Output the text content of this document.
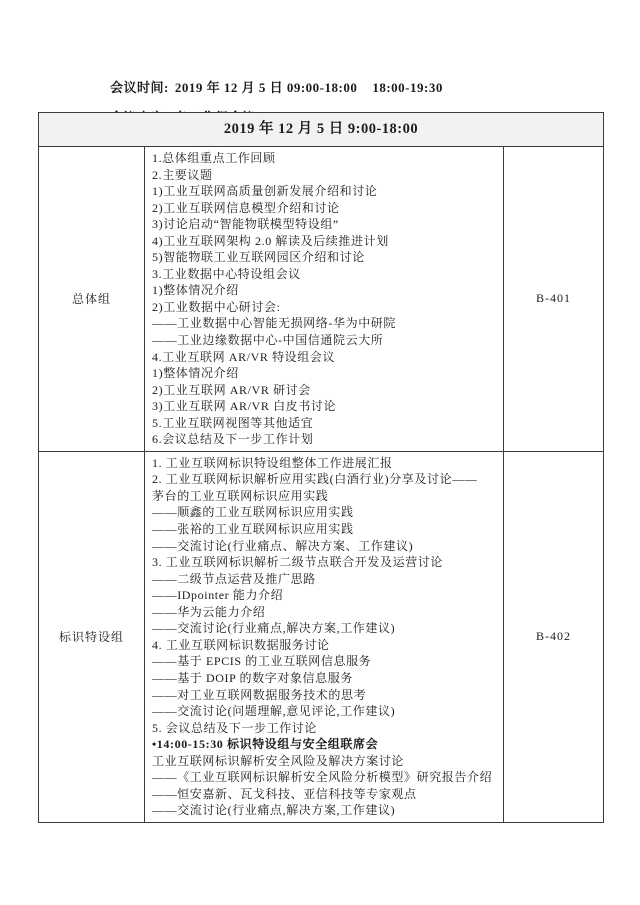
会议时间: 2019 年 12 月 5 日 09:00-18:00    18:00-19:30

2019 年 12 月 5 日 9:00-18:00
总体组
1.总体组重点工作回顾
2.主要议题
1)工业互联网高质量创新发展介绍和讨论
2)工业互联网信息模型介绍和讨论
3)讨论启动“智能物联模型特设组”
4)工业互联网架构 2.0 解读及后续推进计划
5)智能物联工业互联网园区介绍和讨论
3.工业数据中心特设组会议
1)整体情况介绍
2)工业数据中心研讨会:
——工业数据中心智能无损网络-华为中研院
——工业边缘数据中心-中国信通院云大所
4.工业互联网 AR/VR 特设组会议
1)整体情况介绍
2)工业互联网 AR/VR 研讨会
3)工业互联网 AR/VR 白皮书讨论
5.工业互联网视图等其他适宜
6.会议总结及下一步工作计划
B-401
标识特设组
1. 工业互联网标识特设组整体工作进展汇报
2. 工业互联网标识解析应用实践(白酒行业)分享及讨论——
茅台的工业互联网标识应用实践
——顺鑫的工业互联网标识应用实践
——张裕的工业互联网标识应用实践
——交流讨论(行业痛点、解决方案、工作建议)
3. 工业互联网标识解析二级节点联合开发及运营讨论
——二级节点运营及推广思路
——IDpointer 能力介绍
——华为云能力介绍
——交流讨论(行业痛点,解决方案,工作建议)
4. 工业互联网标识数据服务讨论
——基于 EPCIS 的工业互联网信息服务
——基于 DOIP 的数字对象信息服务
——对工业互联网数据服务技术的思考
——交流讨论(问题理解,意见评论,工作建议)
5. 会议总结及下一步工作讨论
•14:00-15:30 标识特设组与安全组联席会
工业互联网标识解析安全风险及解决方案讨论
——《工业互联网标识解析安全风险分析模型》研究报告介绍
——恒安嘉新、瓦戈科技、亚信科技等专家观点
——交流讨论(行业痛点,解决方案,工作建议)
B-402
